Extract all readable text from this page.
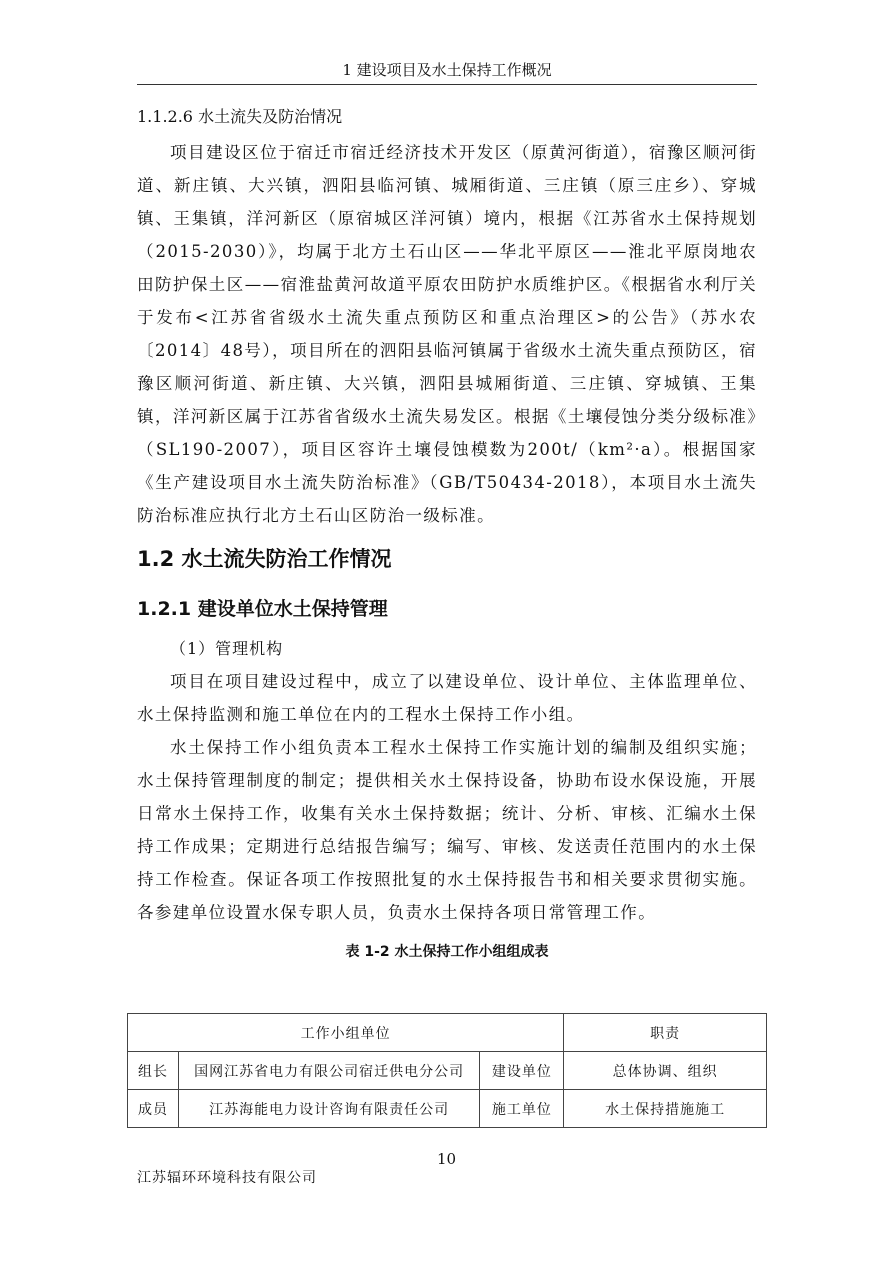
1 建设项目及水土保持工作概况

1.1.2.6 水土流失及防治情况

项目建设区位于宿迁市宿迁经济技术开发区（原黄河街道），宿豫区顺河街道、新庄镇、大兴镇，泗阳县临河镇、城厢街道、三庄镇（原三庄乡）、穿城镇、王集镇，洋河新区（原宿城区洋河镇）境内，根据《江苏省水土保持规划（2015-2030）》，均属于北方土石山区——华北平原区——淮北平原岗地农田防护保土区——宿淮盐黄河故道平原农田防护水质维护区。《根据省水利厅关于发布<江苏省省级水土流失重点预防区和重点治理区>的公告》（苏水农〔2014〕48号），项目所在的泗阳县临河镇属于省级水土流失重点预防区，宿豫区顺河街道、新庄镇、大兴镇，泗阳县城厢街道、三庄镇、穿城镇、王集镇，洋河新区属于江苏省省级水土流失易发区。根据《土壤侵蚀分类分级标准》（SL190-2007），项目区容许土壤侵蚀模数为200t/（km²·a）。根据国家《生产建设项目水土流失防治标准》（GB/T50434-2018），本项目水土流失防治标准应执行北方土石山区防治一级标准。

1.2 水土流失防治工作情况

1.2.1 建设单位水土保持管理

（1）管理机构

项目在项目建设过程中，成立了以建设单位、设计单位、主体监理单位、水土保持监测和施工单位在内的工程水土保持工作小组。

水土保持工作小组负责本工程水土保持工作实施计划的编制及组织实施；水土保持管理制度的制定；提供相关水土保持设备，协助布设水保设施，开展日常水土保持工作，收集有关水土保持数据；统计、分析、审核、汇编水土保持工作成果；定期进行总结报告编写；编写、审核、发送责任范围内的水土保持工作检查。保证各项工作按照批复的水土保持报告书和相关要求贯彻实施。各参建单位设置水保专职人员，负责水土保持各项日常管理工作。

表 1-2 水土保持工作小组组成表

工作小组单位			职责
组长	国网江苏省电力有限公司宿迁供电分公司	建设单位	总体协调、组织
成员	江苏海能电力设计咨询有限责任公司	施工单位	水土保持措施施工
10
江苏辐环环境科技有限公司
